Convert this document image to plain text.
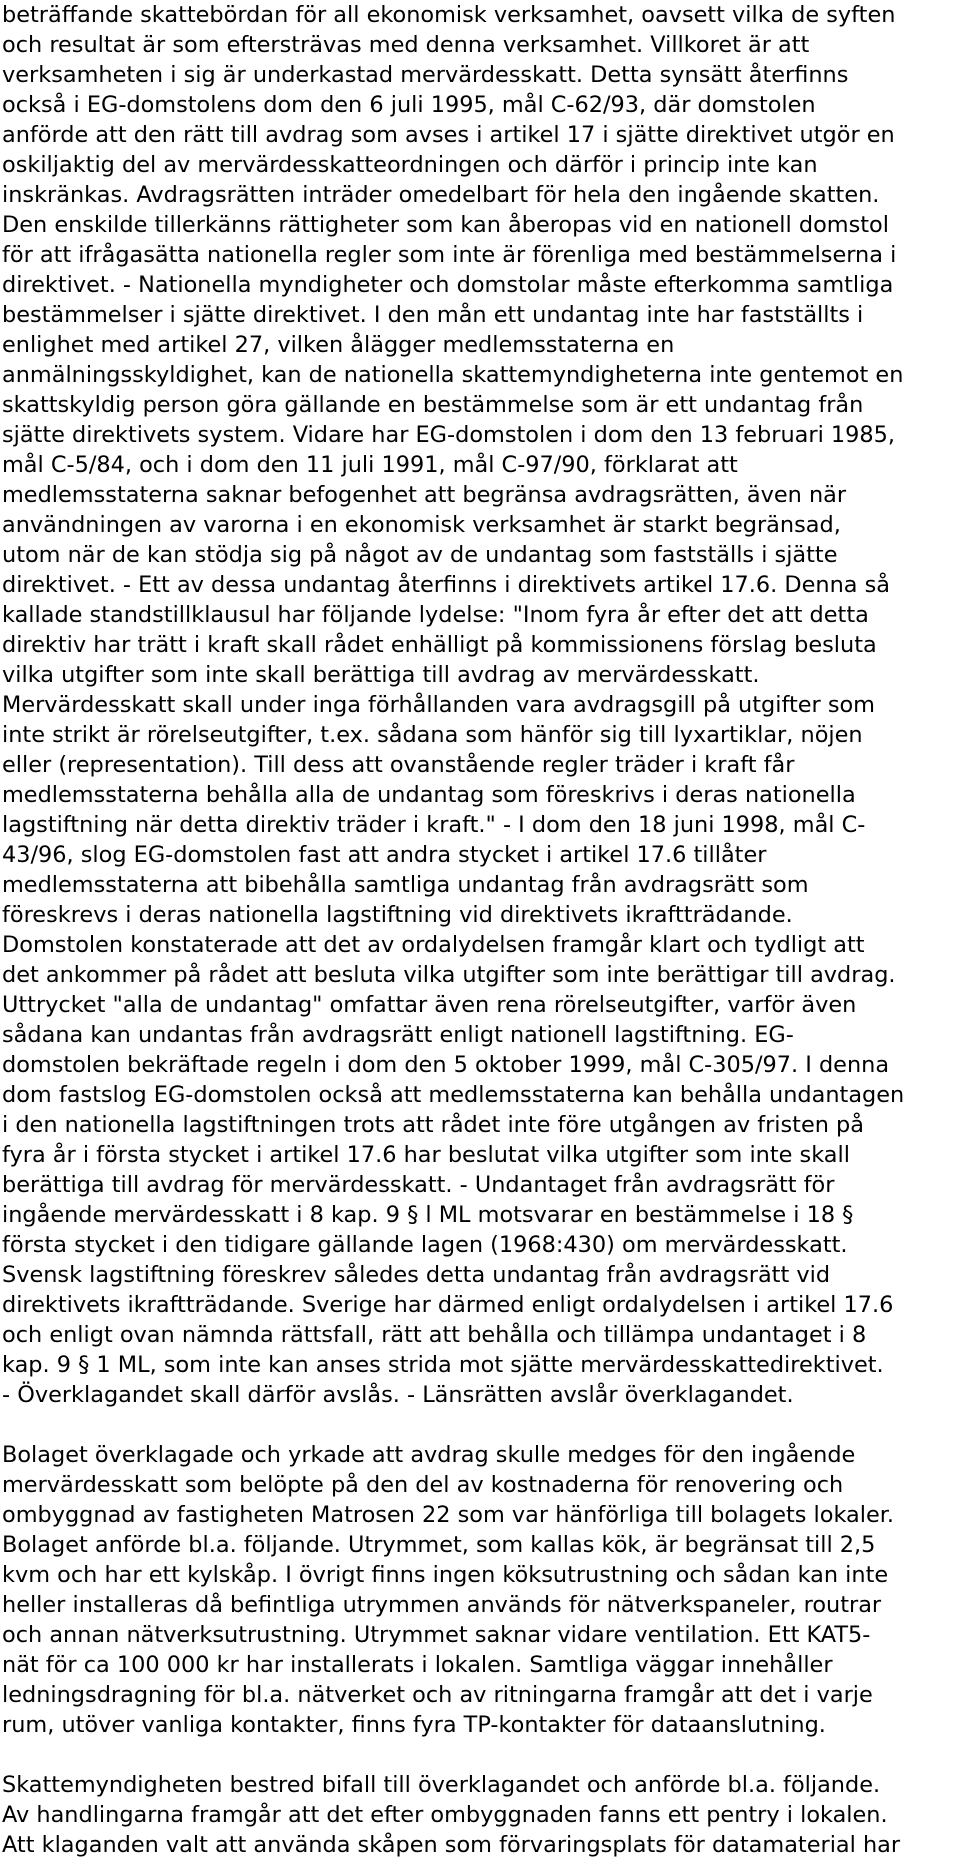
beträffande skattebördan för all ekonomisk verksamhet, oavsett vilka de syften
och resultat är som eftersträvas med denna verksamhet. Villkoret är att
verksamheten i sig är underkastad mervärdesskatt. Detta synsätt återfinns
också i EG-domstolens dom den 6 juli 1995, mål C-62/93, där domstolen
anförde att den rätt till avdrag som avses i artikel 17 i sjätte direktivet utgör en
oskiljaktig del av mervärdesskatteordningen och därför i princip inte kan
inskränkas. Avdragsrätten inträder omedelbart för hela den ingående skatten.
Den enskilde tillerkänns rättigheter som kan åberopas vid en nationell domstol
för att ifrågasätta nationella regler som inte är förenliga med bestämmelserna i
direktivet. - Nationella myndigheter och domstolar måste efterkomma samtliga
bestämmelser i sjätte direktivet. I den mån ett undantag inte har fastställts i
enlighet med artikel 27, vilken ålägger medlemsstaterna en
anmälningsskyldighet, kan de nationella skattemyndigheterna inte gentemot en
skattskyldig person göra gällande en bestämmelse som är ett undantag från
sjätte direktivets system. Vidare har EG-domstolen i dom den 13 februari 1985,
mål C-5/84, och i dom den 11 juli 1991, mål C-97/90, förklarat att
medlemsstaterna saknar befogenhet att begränsa avdragsrätten, även när
användningen av varorna i en ekonomisk verksamhet är starkt begränsad,
utom när de kan stödja sig på något av de undantag som fastställs i sjätte
direktivet. - Ett av dessa undantag återfinns i direktivets artikel 17.6. Denna så
kallade standstillklausul har följande lydelse: "Inom fyra år efter det att detta
direktiv har trätt i kraft skall rådet enhälligt på kommissionens förslag besluta
vilka utgifter som inte skall berättiga till avdrag av mervärdesskatt.
Mervärdesskatt skall under inga förhållanden vara avdragsgill på utgifter som
inte strikt är rörelseutgifter, t.ex. sådana som hänför sig till lyxartiklar, nöjen
eller (representation). Till dess att ovanstående regler träder i kraft får
medlemsstaterna behålla alla de undantag som föreskrivs i deras nationella
lagstiftning när detta direktiv träder i kraft." - I dom den 18 juni 1998, mål C-
43/96, slog EG-domstolen fast att andra stycket i artikel 17.6 tillåter
medlemsstaterna att bibehålla samtliga undantag från avdragsrätt som
föreskrevs i deras nationella lagstiftning vid direktivets ikraftträdande.
Domstolen konstaterade att det av ordalydelsen framgår klart och tydligt att
det ankommer på rådet att besluta vilka utgifter som inte berättigar till avdrag.
Uttrycket "alla de undantag" omfattar även rena rörelseutgifter, varför även
sådana kan undantas från avdragsrätt enligt nationell lagstiftning. EG-
domstolen bekräftade regeln i dom den 5 oktober 1999, mål C-305/97. I denna
dom fastslog EG-domstolen också att medlemsstaterna kan behålla undantagen
i den nationella lagstiftningen trots att rådet inte före utgången av fristen på
fyra år i första stycket i artikel 17.6 har beslutat vilka utgifter som inte skall
berättiga till avdrag för mervärdesskatt. - Undantaget från avdragsrätt för
ingående mervärdesskatt i 8 kap. 9 § l ML motsvarar en bestämmelse i 18 §
första stycket i den tidigare gällande lagen (1968:430) om mervärdesskatt.
Svensk lagstiftning föreskrev således detta undantag från avdragsrätt vid
direktivets ikraftträdande. Sverige har därmed enligt ordalydelsen i artikel 17.6
och enligt ovan nämnda rättsfall, rätt att behålla och tillämpa undantaget i 8
kap. 9 § 1 ML, som inte kan anses strida mot sjätte mervärdesskattedirektivet.
- Överklagandet skall därför avslås. - Länsrätten avslår överklagandet.
Bolaget överklagade och yrkade att avdrag skulle medges för den ingående
mervärdesskatt som belöpte på den del av kostnaderna för renovering och
ombyggnad av fastigheten Matrosen 22 som var hänförliga till bolagets lokaler.
Bolaget anförde bl.a. följande. Utrymmet, som kallas kök, är begränsat till 2,5
kvm och har ett kylskåp. I övrigt finns ingen köksutrustning och sådan kan inte
heller installeras då befintliga utrymmen används för nätverkspaneler, routrar
och annan nätverksutrustning. Utrymmet saknar vidare ventilation. Ett KAT5-
nät för ca 100 000 kr har installerats i lokalen. Samtliga väggar innehåller
ledningsdragning för bl.a. nätverket och av ritningarna framgår att det i varje
rum, utöver vanliga kontakter, finns fyra TP-kontakter för dataanslutning.
Skattemyndigheten bestred bifall till överklagandet och anförde bl.a. följande.
Av handlingarna framgår att det efter ombyggnaden fanns ett pentry i lokalen.
Att klaganden valt att använda skåpen som förvaringsplats för datamaterial har
